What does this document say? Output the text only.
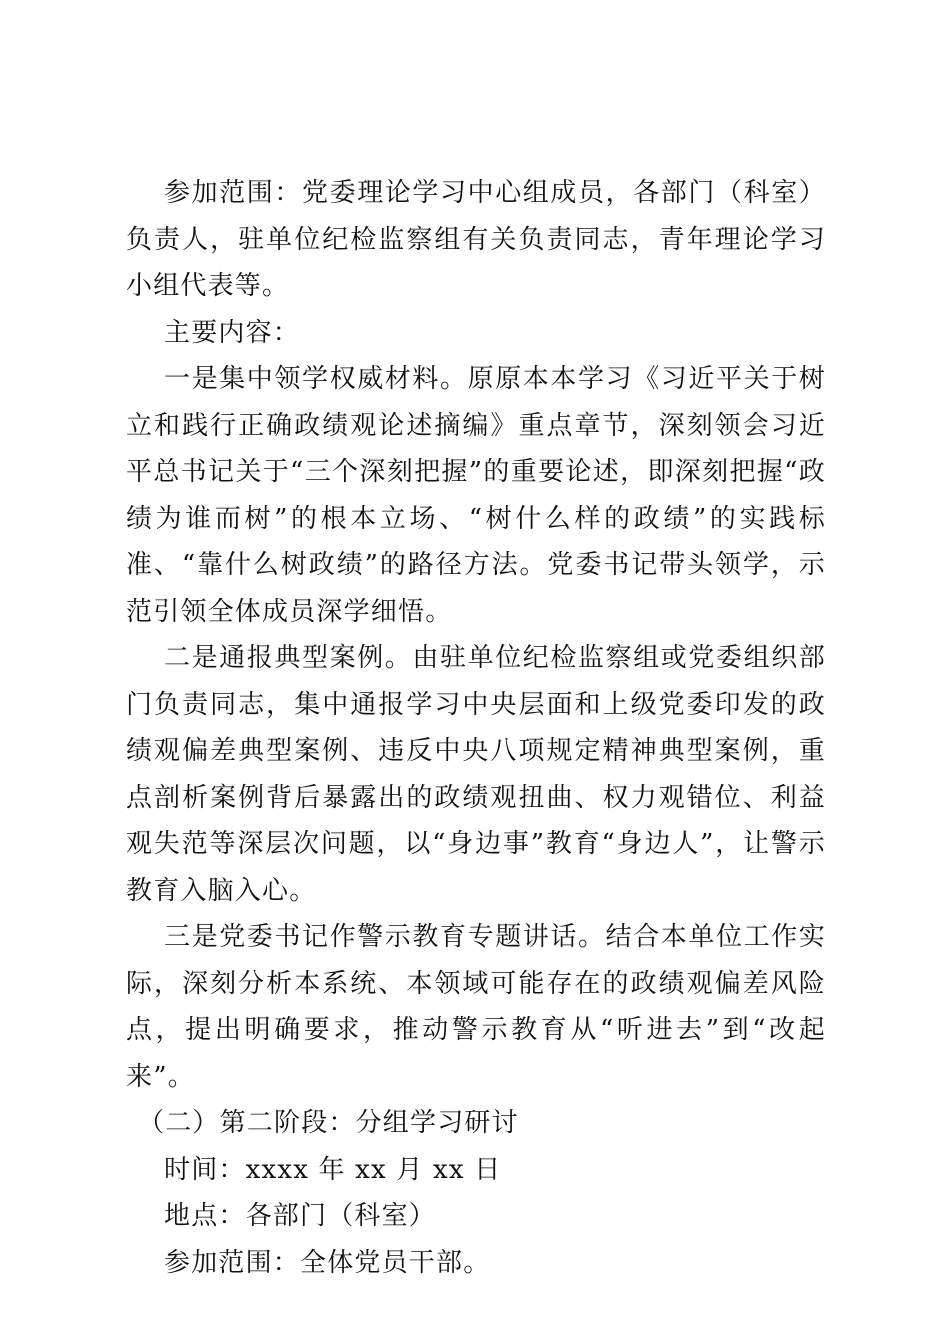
参加范围：党委理论学习中心组成员，各部门（科室）负责人，驻单位纪检监察组有关负责同志，青年理论学习小组代表等。

主要内容：

一是集中领学权威材料。原原本本学习《习近平关于树立和践行正确政绩观论述摘编》重点章节，深刻领会习近平总书记关于“三个深刻把握”的重要论述，即深刻把握“政绩为谁而树”的根本立场、“树什么样的政绩”的实践标准、“靠什么树政绩”的路径方法。党委书记带头领学，示范引领全体成员深学细悟。

二是通报典型案例。由驻单位纪检监察组或党委组织部门负责同志，集中通报学习中央层面和上级党委印发的政绩观偏差典型案例、违反中央八项规定精神典型案例，重点剖析案例背后暴露出的政绩观扭曲、权力观错位、利益观失范等深层次问题，以“身边事”教育“身边人”，让警示教育入脑入心。

三是党委书记作警示教育专题讲话。结合本单位工作实际，深刻分析本系统、本领域可能存在的政绩观偏差风险点，提出明确要求，推动警示教育从“听进去”到“改起来”。

（二）第二阶段：分组学习研讨

时间：xxxx 年 xx 月 xx 日

地点：各部门（科室）

参加范围：全体党员干部。
